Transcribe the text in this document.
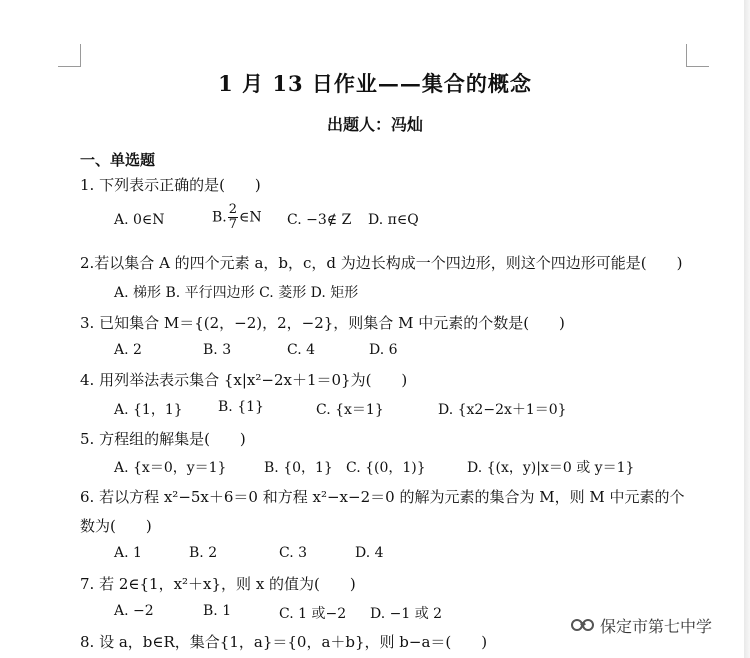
1 月 13 日作业——集合的概念
出题人：冯灿
一、单选题
1. 下列表示正确的是(　　)
A. 0∈N	B. $\frac{2}{7}$ ∈N C. −3∉ Z D. π∈Q
2.若以集合 A 的四个元素 a，b，c，d 为边长构成一个四边形，则这个四边形可能是(　　)
A. 梯形 B. 平行四边形 C. 菱形 D. 矩形
3. 已知集合 M＝{(2，−2)，2，−2}，则集合 M 中元素的个数是(　　)
A. 2	B. 3	C. 4	D. 6
4. 用列举法表示集合 {x|x²−2x＋1＝0}为(　　)
A. {1，1}	B. {1}	C. {x＝1}	D. {x2−2x＋1＝0}
5. 方程组的解集是(　　)
A. {x＝0，y＝1}	B. {0，1} C. {(0，1)}	D. {(x，y)|x＝0 或 y＝1}
6. 若以方程 x²−5x＋6＝0 和方程 x²−x−2＝0 的解为元素的集合为 M，则 M 中元素的个
数为(　　)
A. 1	B. 2	C. 3	D. 4
7. 若 2∈{1，x²＋x}，则 x 的值为(　　)
A. −2	B. 1	C. 1 或−2 D. −1 或 2
8. 设 a，b∈R，集合{1，a}＝{0，a＋b}，则 b−a＝(　　)
保定市第七中学
